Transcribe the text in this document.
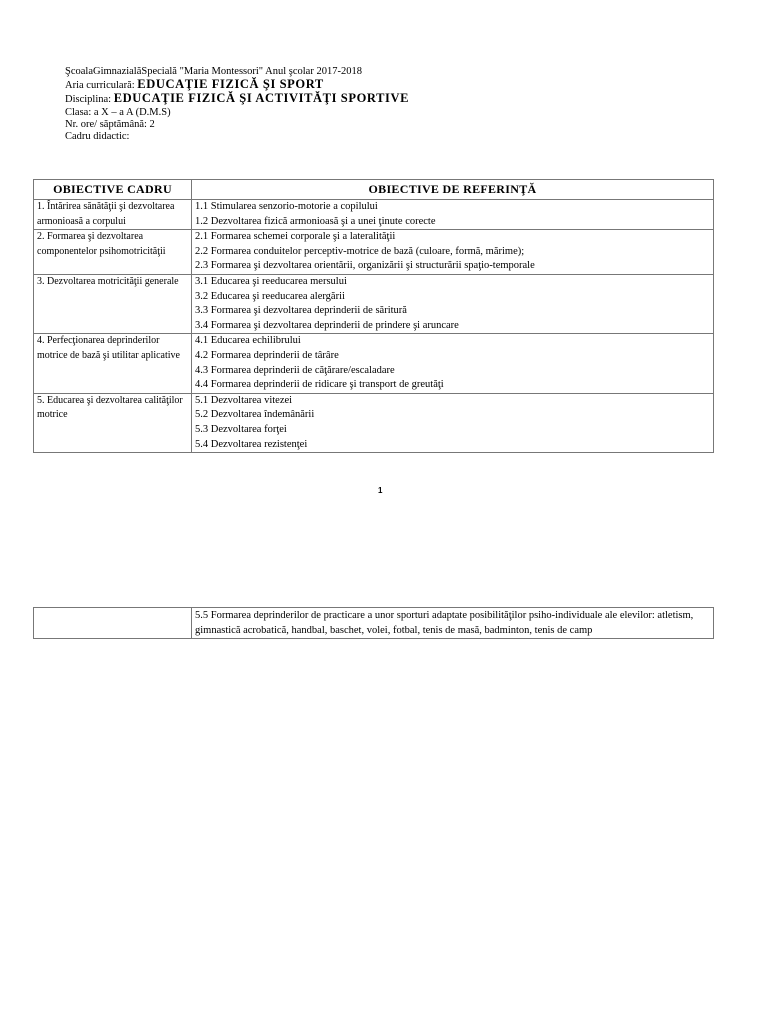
ŞcoalaGimnazialăSpecială "Maria Montessori" Anul şcolar 2017-2018
Aria curriculară: EDUCAŢIE FIZICĂ ŞI SPORT
Disciplina: EDUCAŢIE FIZICĂ ŞI ACTIVITĂŢI SPORTIVE
Clasa: a X – a A (D.M.S)
Nr. ore/ săptămână: 2
Cadru didactic:
OBIECTIVE CADRU	OBIECTIVE DE REFERINŢĂ
1. Întărirea sănătăţii şi dezvoltarea armonioasă a corpului	1.1 Stimularea senzorio-motorie a copilului
1.2 Dezvoltarea fizică armonioasă şi a unei ţinute corecte

2. Formarea şi dezvoltarea componentelor psihomotricităţii	2.1 Formarea schemei corporale şi a lateralităţii
2.2 Formarea conduitelor perceptiv-motrice de bază (culoare, formă, mărime);
2.3 Formarea şi dezvoltarea orientării, organizării şi structurării spaţio-temporale

3. Dezvoltarea motricităţii generale	3.1 Educarea şi reeducarea mersului
3.2 Educarea şi reeducarea alergării
3.3 Formarea şi dezvoltarea deprinderii de săritură
3.4 Formarea şi dezvoltarea deprinderii de prindere şi aruncare

4. Perfecţionarea deprinderilor motrice de bază şi utilitar aplicative	4.1 Educarea echilibrului
4.2 Formarea deprinderii de târâre
4.3 Formarea deprinderii de căţărare/escaladare
4.4 Formarea deprinderii de ridicare şi transport de greutăţi

5. Educarea şi dezvoltarea calităţilor motrice	5.1 Dezvoltarea vitezei
5.2 Dezvoltarea îndemânării
5.3 Dezvoltarea forţei
5.4 Dezvoltarea rezistenţei
1
	5.5 Formarea deprinderilor de practicare a unor sporturi adaptate posibilităţilor psiho-individuale ale elevilor: atletism, gimnastică acrobatică, handbal, baschet, volei, fotbal, tenis de masă, badminton, tenis de camp
